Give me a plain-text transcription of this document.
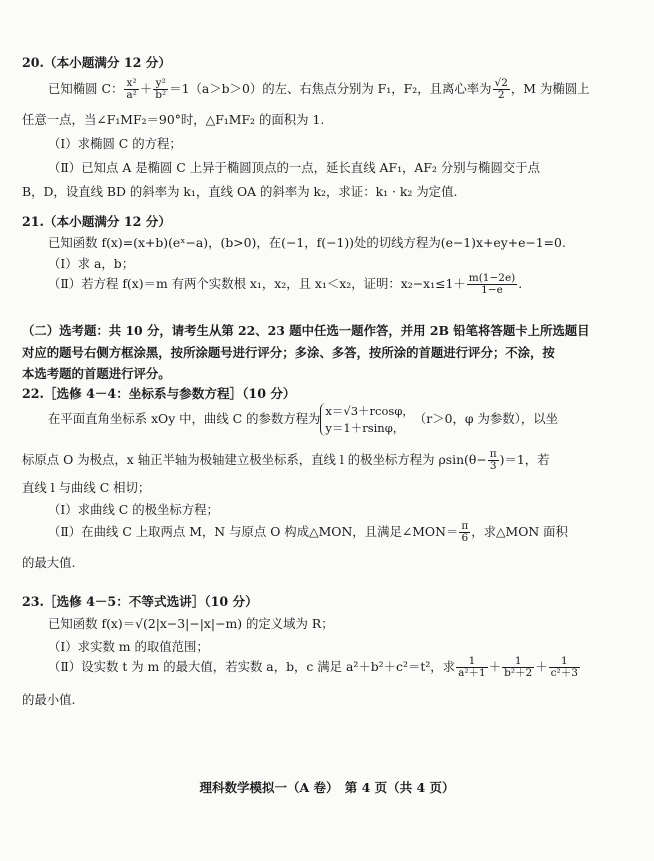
20.（本小题满分 12 分）
已知椭圆 C： $\frac{\text{x²}}{\text{a²}} + \frac{\text{y²}}{\text{b²}} =1(a>b>0)$的左、右焦点分别为 F₁，F₂，且离心率为 $\frac{√2}{2}$ ，M 为椭圆上
任意一点，当∠F₁MF₂＝90°时，△F₁MF₂ 的面积为 1.
（Ⅰ）求椭圆 C 的方程；
（Ⅱ）已知点 A 是椭圆 C 上异于椭圆顶点的一点，延长直线 AF₁，AF₂ 分别与椭圆交于点
B，D，设直线 BD 的斜率为 k₁，直线 OA 的斜率为 k₂，求证：k₁ · k₂ 为定值.
21.（本小题满分 12 分）
已知函数 f(x)=(x+b)(eˣ−a)，(b>0)，在(−1，f(−1))处的切线方程为(e−1)x+ey+e−1=0.
（Ⅰ）求 a，b；
（Ⅱ）若方程 f(x)＝m 有两个实数根 x₁，x₂，且 x₁＜x₂，证明：$x_2-x_1\le 1+ \frac{m(1-2e)}{1-e}$ .
（二）选考题：共 10 分，请考生从第 22、23 题中任选一题作答，并用 2B 铅笔将答题卡上所选题目
对应的题号右侧方框涂黑，按所涂题号进行评分；多涂、多答，按所涂的首题进行评分；不涂，按
本选考题的首题进行评分。
22.［选修 4－4：坐标系与参数方程］（10 分）
在平面直角坐标系 xOy 中，曲线 C 的参数方程为
x＝√3＋rcosφ，
y＝1＋rsinφ，
（r＞0，φ 为参数），以坐
标原点 O 为极点，x 轴正半轴为极轴建立极坐标系，直线 l 的极坐标方程为 $\rho\sin(\theta- \frac{\pi}{3} )=1$，若
直线 l 与曲线 C 相切；
（Ⅰ）求曲线 C 的极坐标方程；
（Ⅱ）在曲线 C 上取两点 M，N 与原点 O 构成△MON，且满足∠MON＝ $\frac{\pi}{6}$ ，求△MON 面积
的最大值.
23.［选修 4－5：不等式选讲］（10 分）
已知函数 f(x)＝√(2|x−3|−|x|−m) 的定义域为 R；
（Ⅰ）求实数 m 的取值范围；
（Ⅱ）设实数 t 为 m 的最大值，若实数 a，b，c 满足 a²＋b²＋c²＝t²，求 $\frac{1}{\text{a²＋1}} + \frac{1}{\text{b²＋2}} + \frac{1}{\text{c²＋3}}$
的最小值.
理科数学模拟一（A 卷）　第 4 页（共 4 页）
